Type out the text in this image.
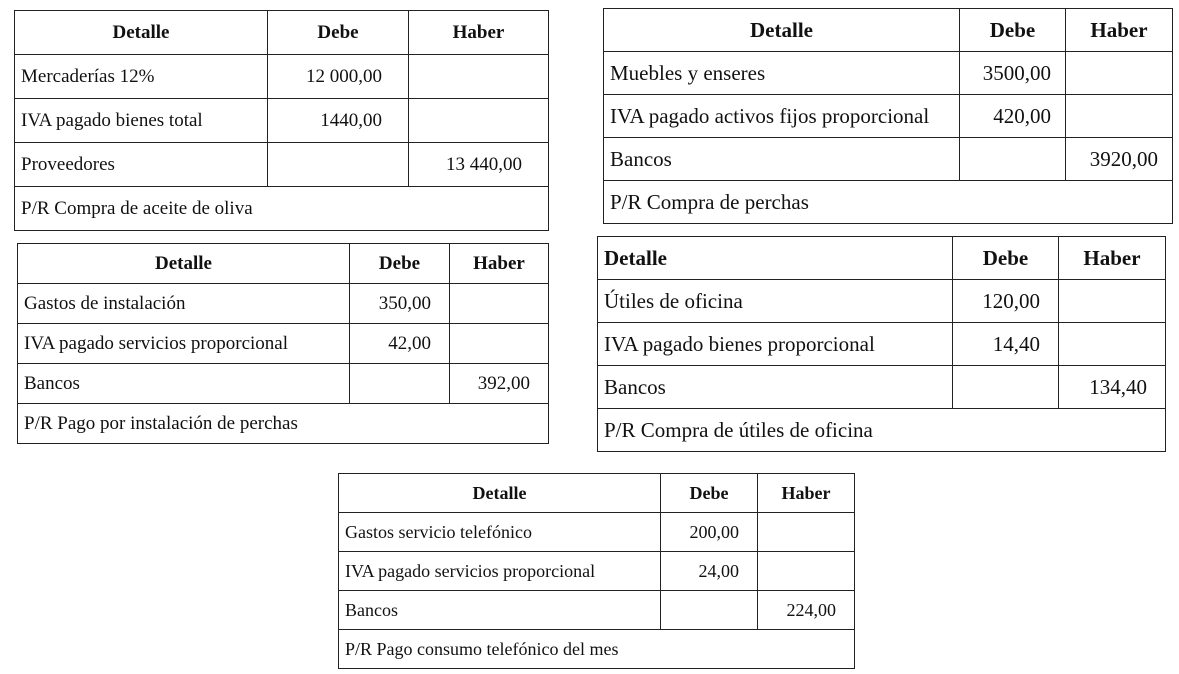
Detalle	Debe	Haber
Mercaderías 12%	12 000,00	
IVA pagado bienes total	1440,00	
Proveedores		13 440,00
P/R Compra de aceite de oliva		
Detalle	Debe	Haber
Muebles y enseres	3500,00	
IVA pagado activos fijos proporcional	420,00	
Bancos		3920,00
P/R Compra de perchas		
Detalle	Debe	Haber
Gastos de instalación	350,00	
IVA pagado servicios proporcional	42,00	
Bancos		392,00
P/R Pago por instalación de perchas		
Detalle	Debe	Haber
Útiles de oficina	120,00	
IVA pagado bienes proporcional	14,40	
Bancos		134,40
P/R Compra de útiles de oficina		
Detalle	Debe	Haber
Gastos servicio telefónico	200,00	
IVA pagado servicios proporcional	24,00	
Bancos		224,00
P/R Pago consumo telefónico del mes		
